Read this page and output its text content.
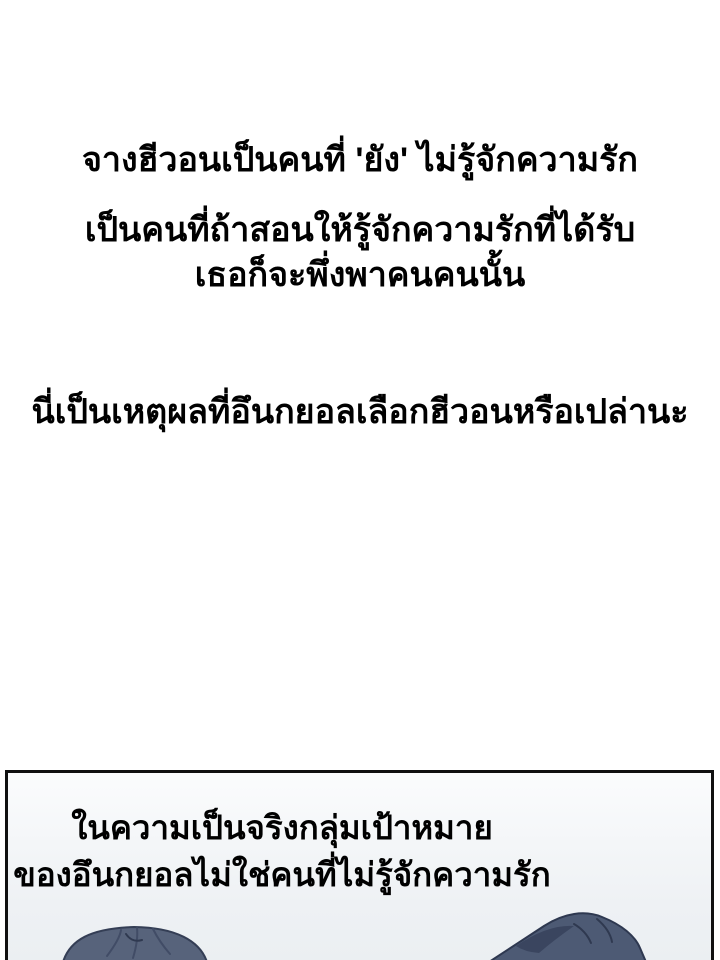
จางฮีวอนเป็นคนที่ 'ยัง' ไม่รู้จักความรัก
เป็นคนที่ถ้าสอนให้รู้จักความรักที่ได้รับ
เธอก็จะพึ่งพาคนคนนั้น
นี่เป็นเหตุผลที่อึนกยอลเลือกฮีวอนหรือเปล่านะ
ในความเป็นจริงกลุ่มเป้าหมาย
ของอึนกยอลไม่ใช่คนที่ไม่รู้จักความรัก
